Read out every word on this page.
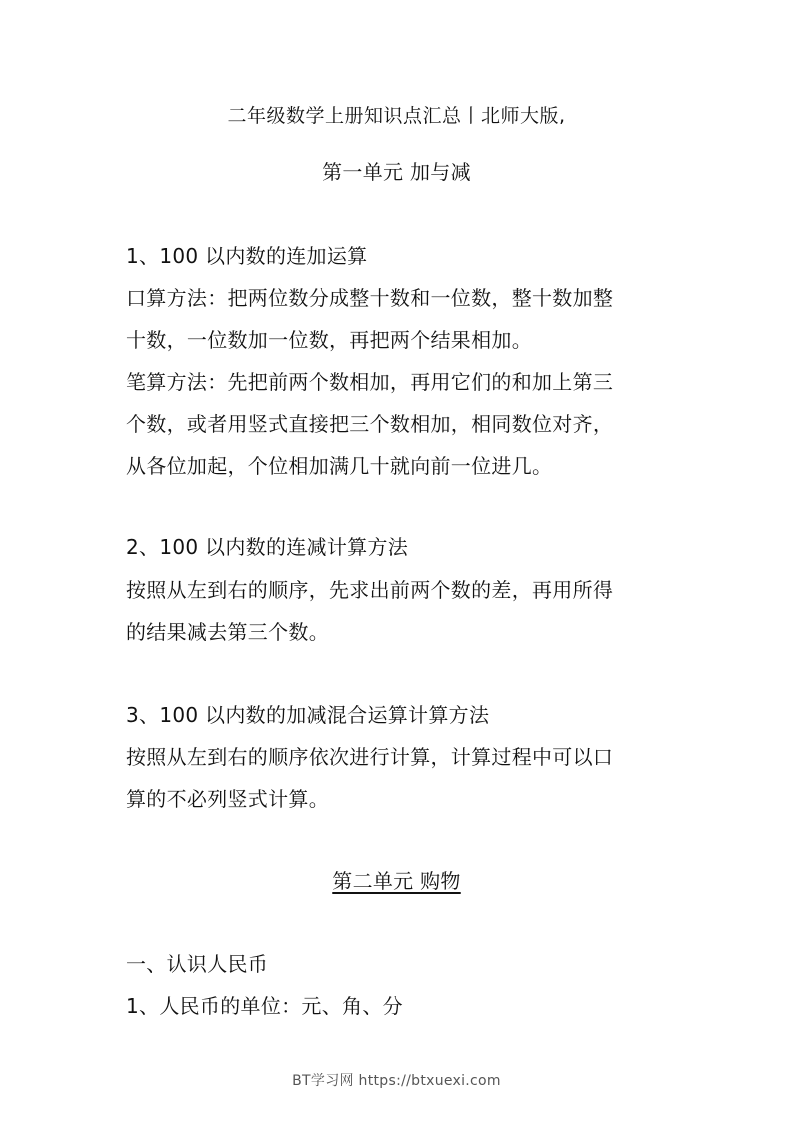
二年级数学上册知识点汇总丨北师大版,
第一单元 加与减
1、100 以内数的连加运算
口算方法：把两位数分成整十数和一位数，整十数加整
十数，一位数加一位数，再把两个结果相加。
笔算方法：先把前两个数相加，再用它们的和加上第三
个数，或者用竖式直接把三个数相加，相同数位对齐，
从各位加起，个位相加满几十就向前一位进几。
2、100 以内数的连减计算方法
按照从左到右的顺序，先求出前两个数的差，再用所得
的结果减去第三个数。
3、100 以内数的加减混合运算计算方法
按照从左到右的顺序依次进行计算，计算过程中可以口
算的不必列竖式计算。
第二单元 购物
一、认识人民币
1、人民币的单位：元、角、分
BT学习网 https://btxuexi.com
